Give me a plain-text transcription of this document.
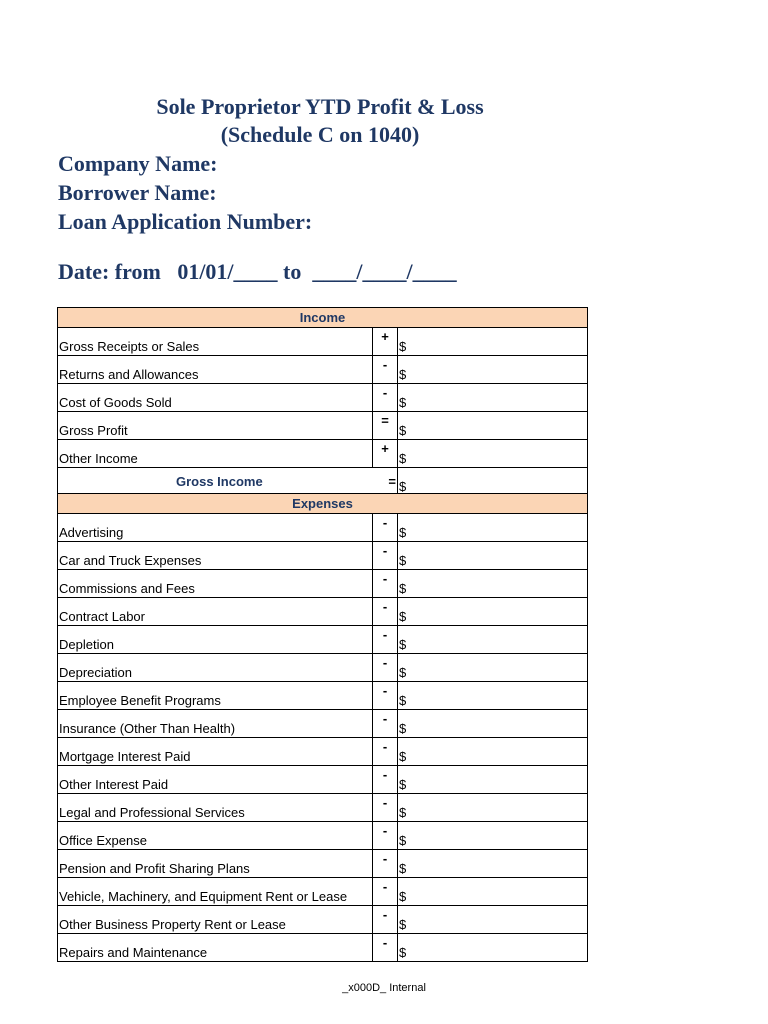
Sole Proprietor YTD Profit & Loss
(Schedule C on 1040)
Company Name:
Borrower Name:
Loan Application Number:
Date: from   01/01/____ to  ____/____/____
Income		
Gross Receipts or Sales	+	$
Returns and Allowances	-	$
Cost of Goods Sold	-	$
Gross Profit	=	$
Other Income	+	$
Gross Income	=	$
Expenses		
Advertising	-	$
Car and Truck Expenses	-	$
Commissions and Fees	-	$
Contract Labor	-	$
Depletion	-	$
Depreciation	-	$
Employee Benefit Programs	-	$
Insurance (Other Than Health)	-	$
Mortgage Interest Paid	-	$
Other Interest Paid	-	$
Legal and Professional Services	-	$
Office Expense	-	$
Pension and Profit Sharing Plans	-	$
Vehicle, Machinery, and Equipment Rent or Lease	-	$
Other Business Property Rent or Lease	-	$
Repairs and Maintenance	-	$
_x000D_ Internal
